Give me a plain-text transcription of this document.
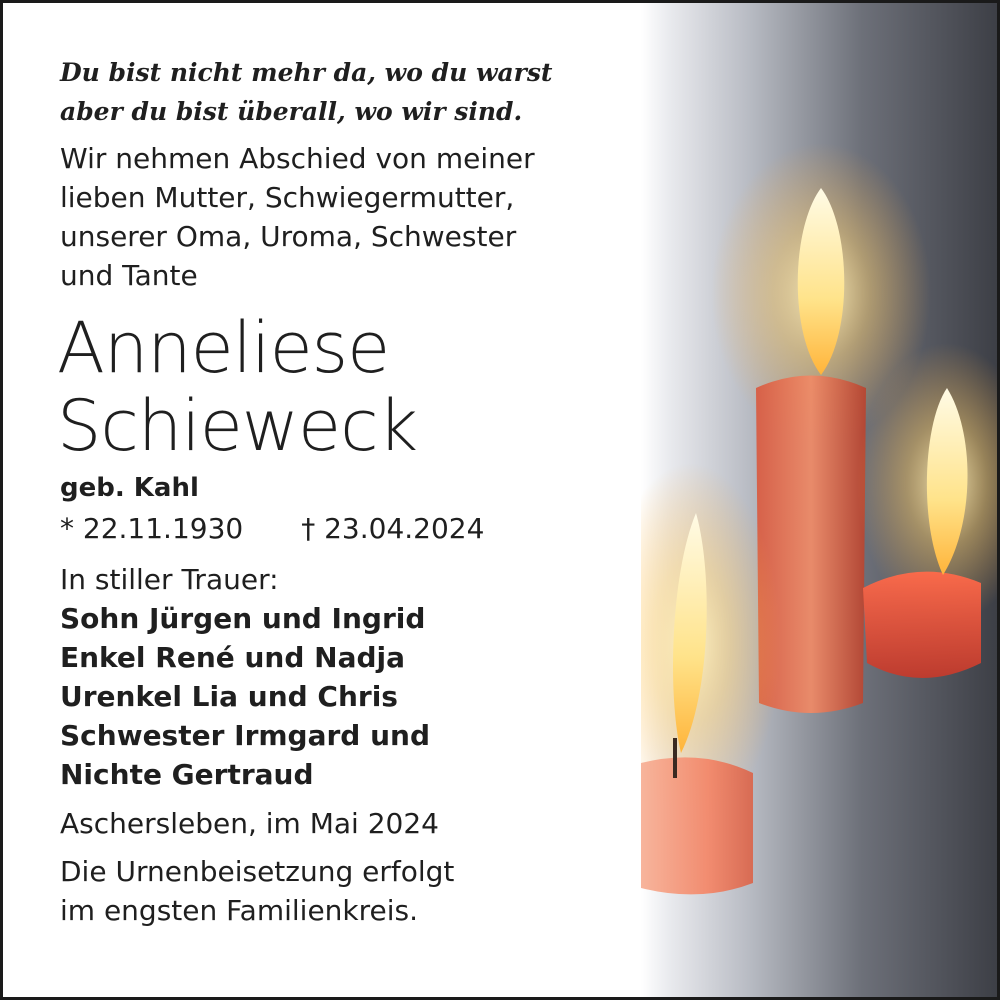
Du bist nicht mehr da, wo du warst
aber du bist überall, wo wir sind.
Wir nehmen Abschied von meiner
lieben Mutter, Schwiegermutter,
unserer Oma, Uroma, Schwester
und Tante
Anneliese
Schieweck
geb. Kahl
* 22.11.1930 † 23.04.2024
In stiller Trauer:
Sohn Jürgen und Ingrid
Enkel René und Nadja
Urenkel Lia und Chris
Schwester Irmgard und
Nichte Gertraud
Aschersleben, im Mai 2024
Die Urnenbeisetzung erfolgt
im engsten Familienkreis.
